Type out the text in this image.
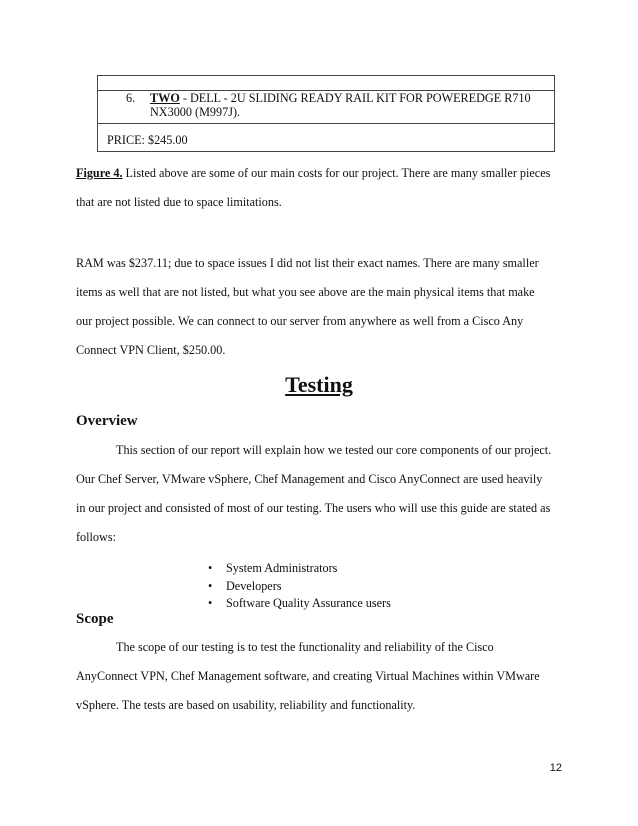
6. TWO - DELL - 2U SLIDING READY RAIL KIT FOR POWEREDGE R710
NX3000 (M997J).
PRICE: $245.00
Figure 4. Listed above are some of our main costs for our project. There are many smaller pieces
that are not listed due to space limitations.
RAM was $237.11; due to space issues I did not list their exact names. There are many smaller
items as well that are not listed, but what you see above are the main physical items that make
our project possible. We can connect to our server from anywhere as well from a Cisco Any
Connect VPN Client, $250.00.
Testing
Overview
This section of our report will explain how we tested our core components of our project.
Our Chef Server, VMware vSphere, Chef Management and Cisco AnyConnect are used heavily
in our project and consisted of most of our testing. The users who will use this guide are stated as
follows:
• System Administrators
• Developers
• Software Quality Assurance users
Scope
The scope of our testing is to test the functionality and reliability of the Cisco
AnyConnect VPN, Chef Management software, and creating Virtual Machines within VMware
vSphere. The tests are based on usability, reliability and functionality.
12
